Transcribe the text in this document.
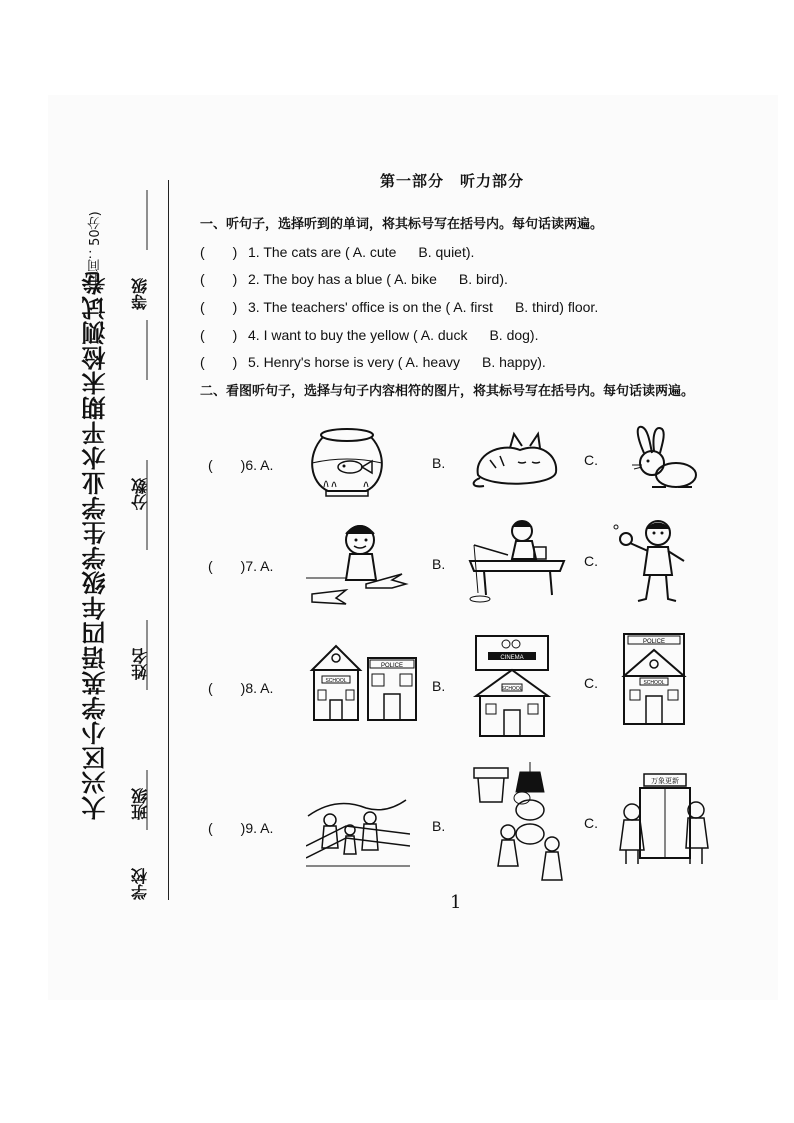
大兴区小学英语四年级学生学业水平期末检测试卷
(时间：50分)
等级
分数
姓名
班级
学校
第一部分　听力部分
一、听句子，选择听到的单词，将其标号写在括号内。每句话读两遍。
(　　) 1. The cats are ( A. cute B. quiet).
(　　) 2. The boy has a blue ( A. bike B. bird).
(　　) 3. The teachers' office is on the ( A. first B. third) floor.
(　　) 4. I want to buy the yellow ( A. duck B. dog).
(　　) 5. Henry's horse is very ( A. heavy B. happy).
二、看图听句子，选择与句子内容相符的图片，将其标号写在括号内。每句话读两遍。
(　　)6. A.	B.	C.
(　　)7. A.	B.	C.
(　　)8. A.	B.	C.
SCHOOL
POLICE
CINEMA
SCHOOL
POLICE
SCHOOL
(　　)9. A.	B.	C.
万象更新
1
